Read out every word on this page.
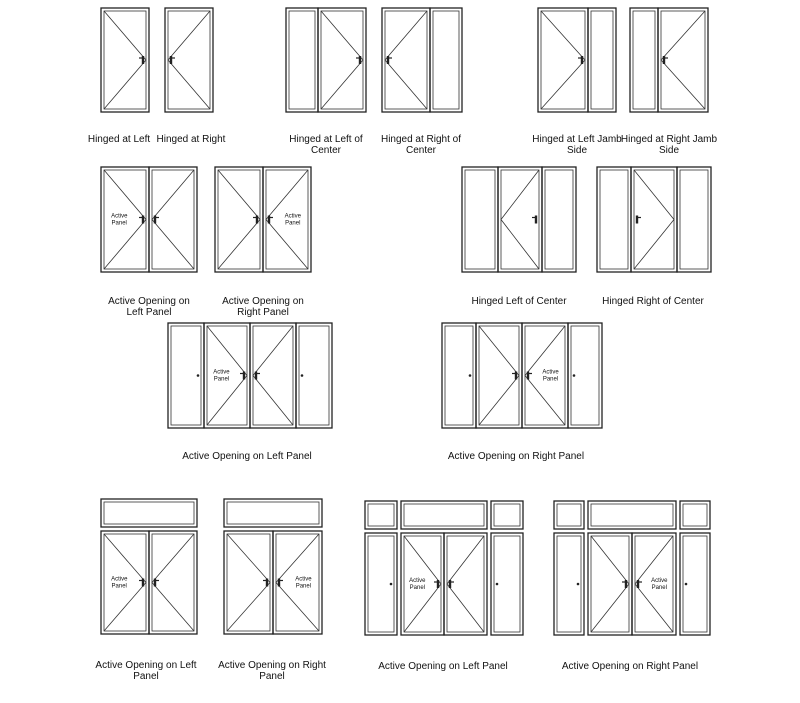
Active Panel
Active Panel
Active Panel
Active Panel
Active Panel
Active Panel
Active Panel
Active Panel
Hinged at Left Hinged at Right	Hinged at Left of
Center
Hinged at Right of
Center
Hinged at Left Jamb
Side
Hinged at Right Jamb
Side
Active Opening on
Left Panel
Active Opening on
Right Panel
Hinged Left of Center	Hinged Right of Center
Active Opening on Left Panel	Active Opening on Right Panel
Active Opening on Left
Panel
Active Opening on Right
Panel
Active Opening on Left Panel	Active Opening on Right Panel
